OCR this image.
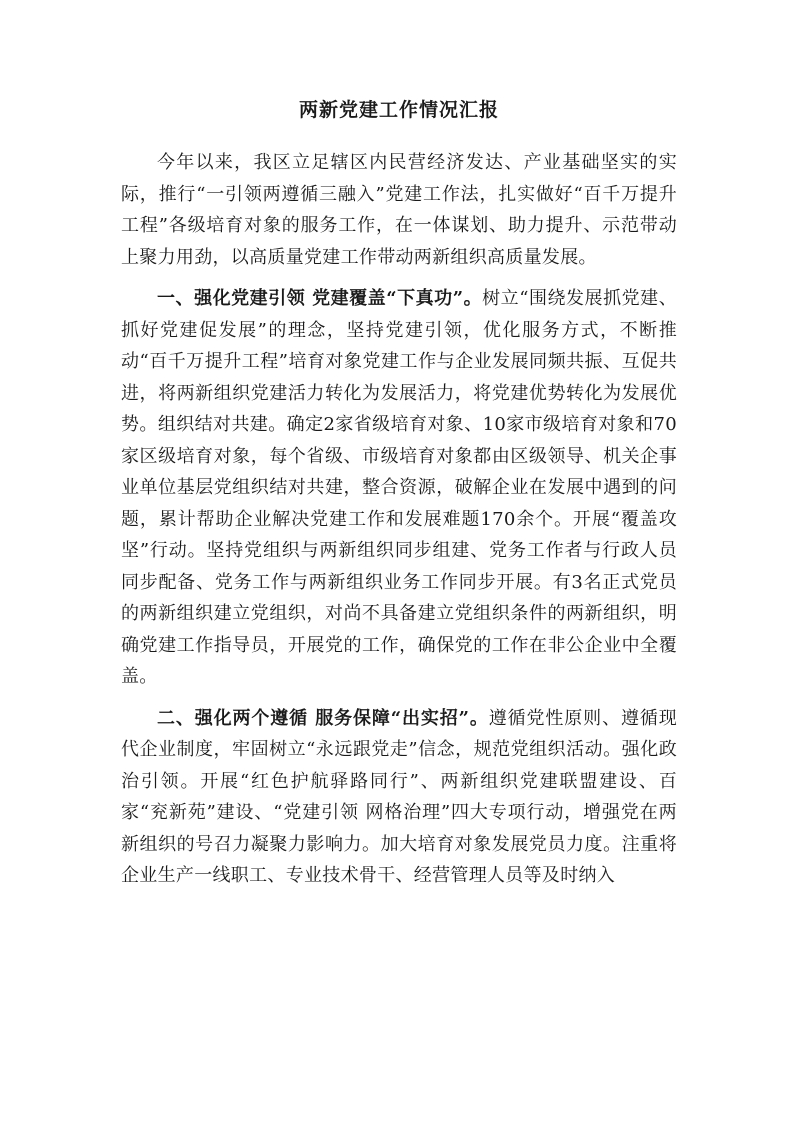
两新党建工作情况汇报

今年以来，我区立足辖区内民营经济发达、产业基础坚实的实际，推行“一引领两遵循三融入”党建工作法，扎实做好“百千万提升工程”各级培育对象的服务工作，在一体谋划、助力提升、示范带动上聚力用劲，以高质量党建工作带动两新组织高质量发展。

一、强化党建引领 党建覆盖“下真功”。树立“围绕发展抓党建、抓好党建促发展”的理念，坚持党建引领，优化服务方式，不断推动“百千万提升工程”培育对象党建工作与企业发展同频共振、互促共进，将两新组织党建活力转化为发展活力，将党建优势转化为发展优势。组织结对共建。确定2家省级培育对象、10家市级培育对象和70家区级培育对象，每个省级、市级培育对象都由区级领导、机关企事业单位基层党组织结对共建，整合资源，破解企业在发展中遇到的问题，累计帮助企业解决党建工作和发展难题170余个。开展“覆盖攻坚”行动。坚持党组织与两新组织同步组建、党务工作者与行政人员同步配备、党务工作与两新组织业务工作同步开展。有3名正式党员的两新组织建立党组织，对尚不具备建立党组织条件的两新组织，明确党建工作指导员，开展党的工作，确保党的工作在非公企业中全覆盖。

二、强化两个遵循 服务保障“出实招”。遵循党性原则、遵循现代企业制度，牢固树立“永远跟党走”信念，规范党组织活动。强化政治引领。开展“红色护航驿路同行”、两新组织党建联盟建设、百家“兖新苑”建设、“党建引领 网格治理”四大专项行动，增强党在两新组织的号召力凝聚力影响力。加大培育对象发展党员力度。注重将企业生产一线职工、专业技术骨干、经营管理人员等及时纳入
